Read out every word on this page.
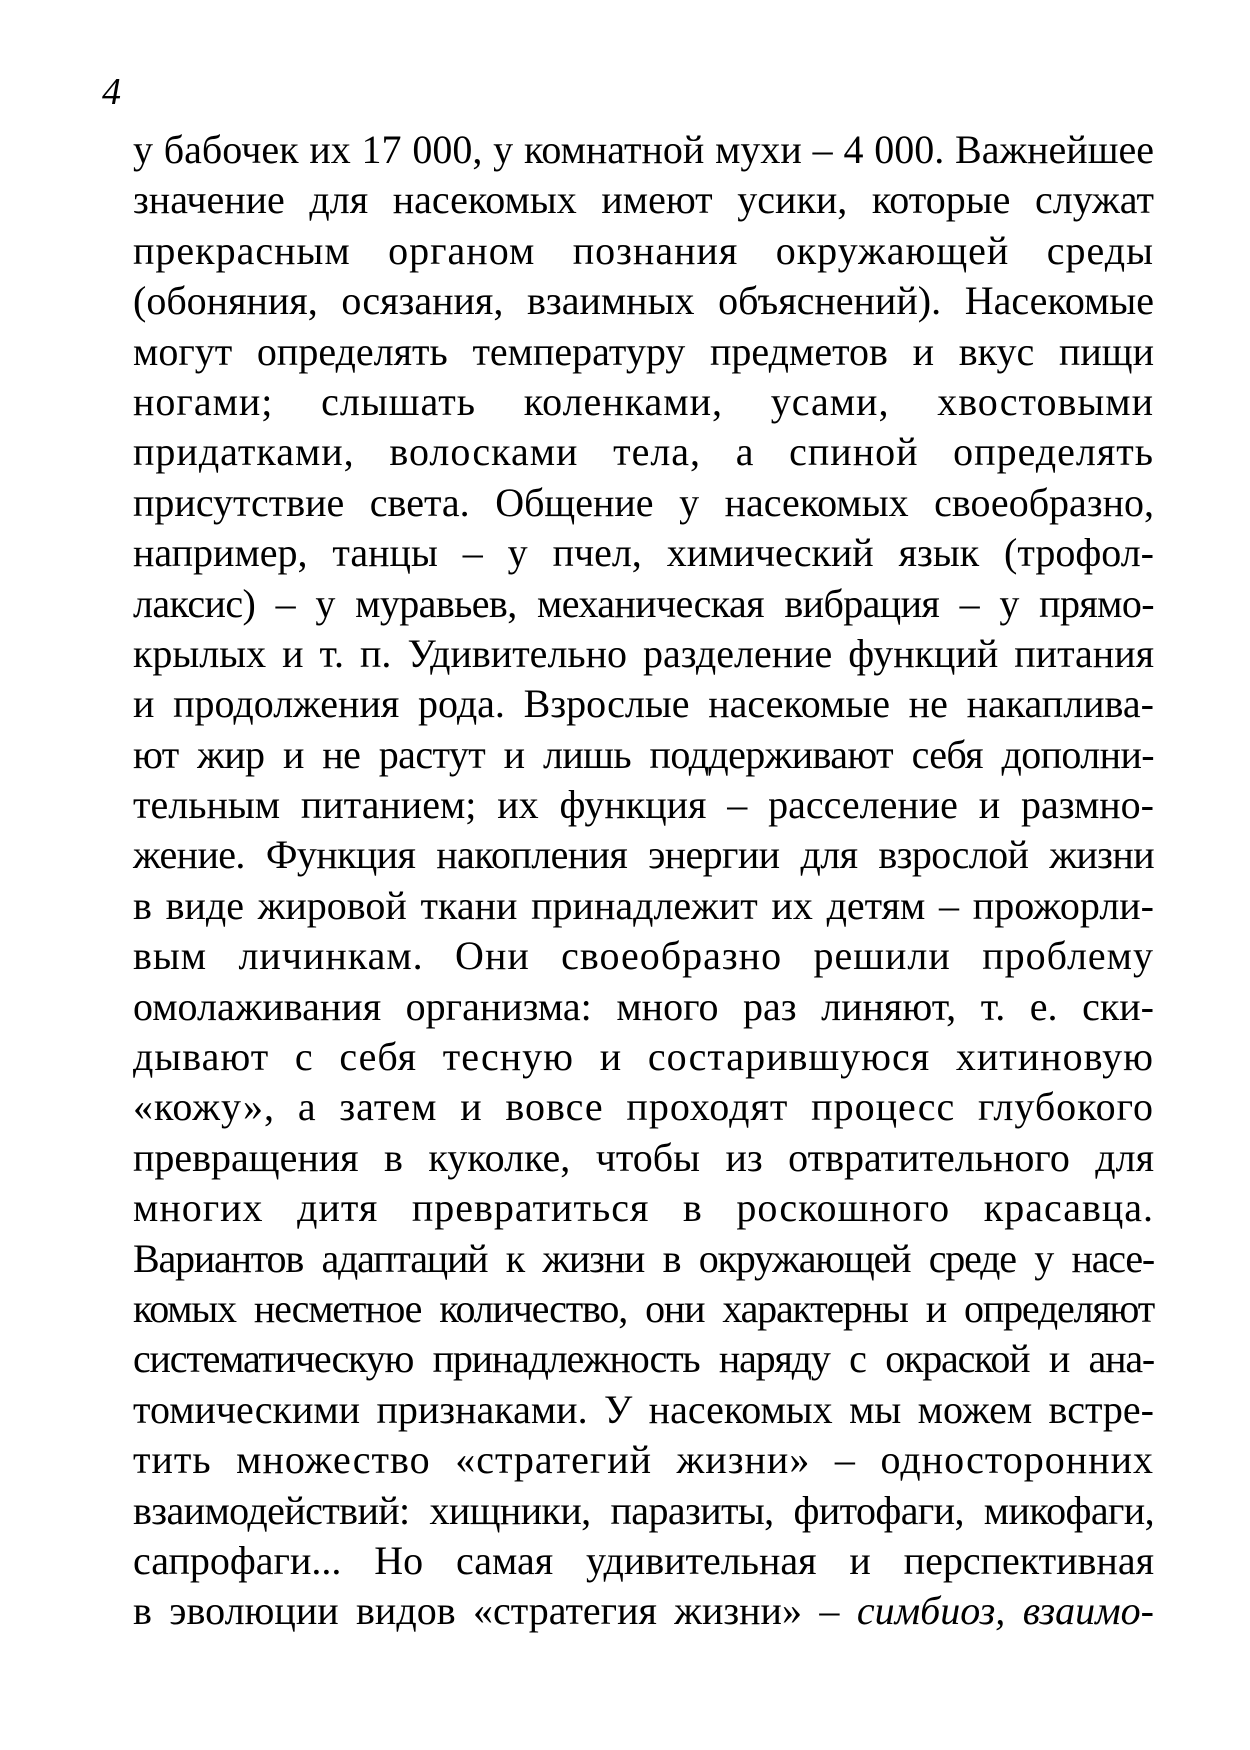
4
у бабочек их 17 000, у комнатной мухи – 4 000. Важнейшее
значение для насекомых имеют усики, которые служат
прекрасным органом познания окружающей среды
(обоняния, осязания, взаимных объяснений). Насекомые
могут определять температуру предметов и вкус пищи
ногами; слышать коленками, усами, хвостовыми
придатками, волосками тела, а спиной определять
присутствие света. Общение у насекомых своеобразно,
например, танцы – у пчел, химический язык (трофол-
лаксис) – у муравьев, механическая вибрация – у прямо-
крылых и т. п. Удивительно разделение функций питания
и продолжения рода. Взрослые насекомые не накаплива-
ют жир и не растут и лишь поддерживают себя дополни-
тельным питанием; их функция – расселение и размно-
жение. Функция накопления энергии для взрослой жизни
в виде жировой ткани принадлежит их детям – прожорли-
вым личинкам. Они своеобразно решили проблему
омолаживания организма: много раз линяют, т. е. ски-
дывают с себя тесную и состарившуюся хитиновую
«кожу», а затем и вовсе проходят процесс глубокого
превращения в куколке, чтобы из отвратительного для
многих дитя превратиться в роскошного красавца.
Вариантов адаптаций к жизни в окружающей среде у насе-
комых несметное количество, они характерны и определяют
систематическую принадлежность наряду с окраской и ана-
томическими признаками. У насекомых мы можем встре-
тить множество «стратегий жизни» – односторонних
взаимодействий: хищники, паразиты, фитофаги, микофаги,
сапрофаги... Но самая удивительная и перспективная
в эволюции видов «стратегия жизни» – симбиоз, взаимо-
